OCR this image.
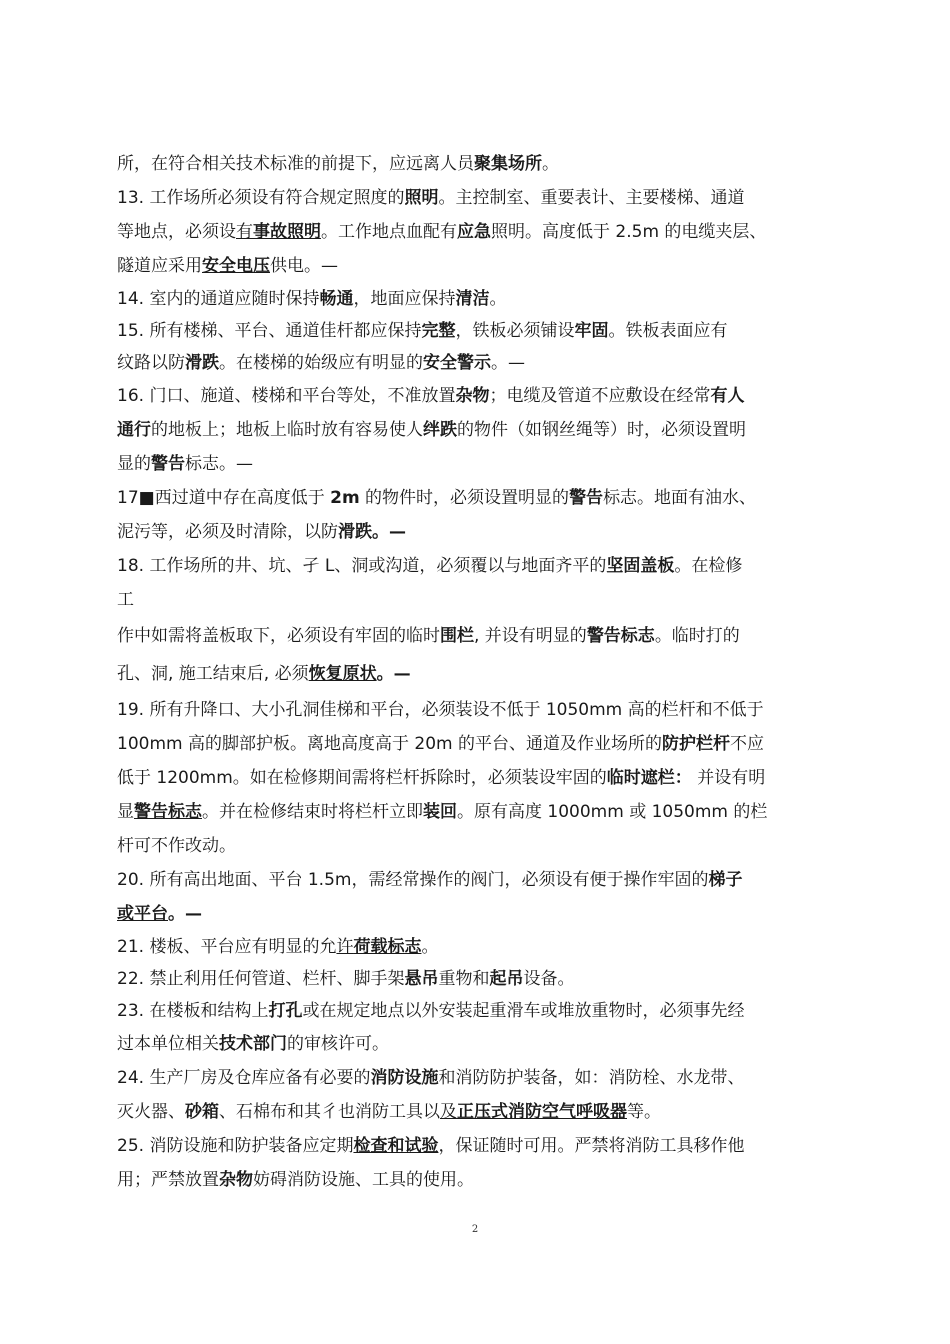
所，在符合相关技术标准的前提下，应远离人员聚集场所。
13. 工作场所必须设有符合规定照度的照明。主控制室、重要表计、主要楼梯、通道
等地点，必须设有事故照明。工作地点血配有应急照明。高度低于 2.5m 的电缆夹层、
隧道应采用安全电压供电。—
14. 室内的通道应随时保持畅通，地面应保持清洁。
15. 所有楼梯、平台、通道佳杆都应保持完整，铁板必须铺设牢固。铁板表面应有
纹路以防滑跌。在楼梯的始级应有明显的安全警示。—
16. 门口、施道、楼梯和平台等处，不准放置杂物；电缆及管道不应敷设在经常有人
通行的地板上；地板上临时放有容易使人绊跌的物件（如钢丝绳等）时，必须设置明
显的警告标志。—
17■西过道中存在高度低于 2m 的物件时，必须设置明显的警告标志。地面有油水、
泥污等，必须及时清除，以防滑跌。—
18. 工作场所的井、坑、孑 L、洞或沟道，必须覆以与地面齐平的坚固盖板。在检修
工
作中如需将盖板取下，必须设有牢固的临时围栏, 并设有明显的警告标志。临时打的
孔、洞, 施工结束后, 必须恢复原状。—
19. 所有升降口、大小孔洞佳梯和平台，必须装设不低于 1050mm 高的栏杆和不低于
100mm 高的脚部护板。离地高度高于 20m 的平台、通道及作业场所的防护栏杆不应
低于 1200mm。如在检修期间需将栏杆拆除时，必须装设牢固的临时遮栏： 并设有明
显警告标志。并在检修结束时将栏杆立即装回。原有高度 1000mm 或 1050mm 的栏
杆可不作改动。
20. 所有高出地面、平台 1.5m，需经常操作的阀门，必须设有便于操作牢固的梯子
或平台。—
21. 楼板、平台应有明显的允许荷载标志。
22. 禁止利用任何管道、栏杆、脚手架悬吊重物和起吊设备。
23. 在楼板和结构上打孔或在规定地点以外安装起重滑车或堆放重物时，必须事先经
过本单位相关技术部门的审核许可。
24. 生产厂房及仓库应备有必要的消防设施和消防防护装备，如：消防栓、水龙带、
灭火器、砂箱、石棉布和其彳也消防工具以及正压式消防空气呼吸器等。
25. 消防设施和防护装备应定期检查和试验，保证随时可用。严禁将消防工具移作他
用；严禁放置杂物妨碍消防设施、工具的使用。
2
